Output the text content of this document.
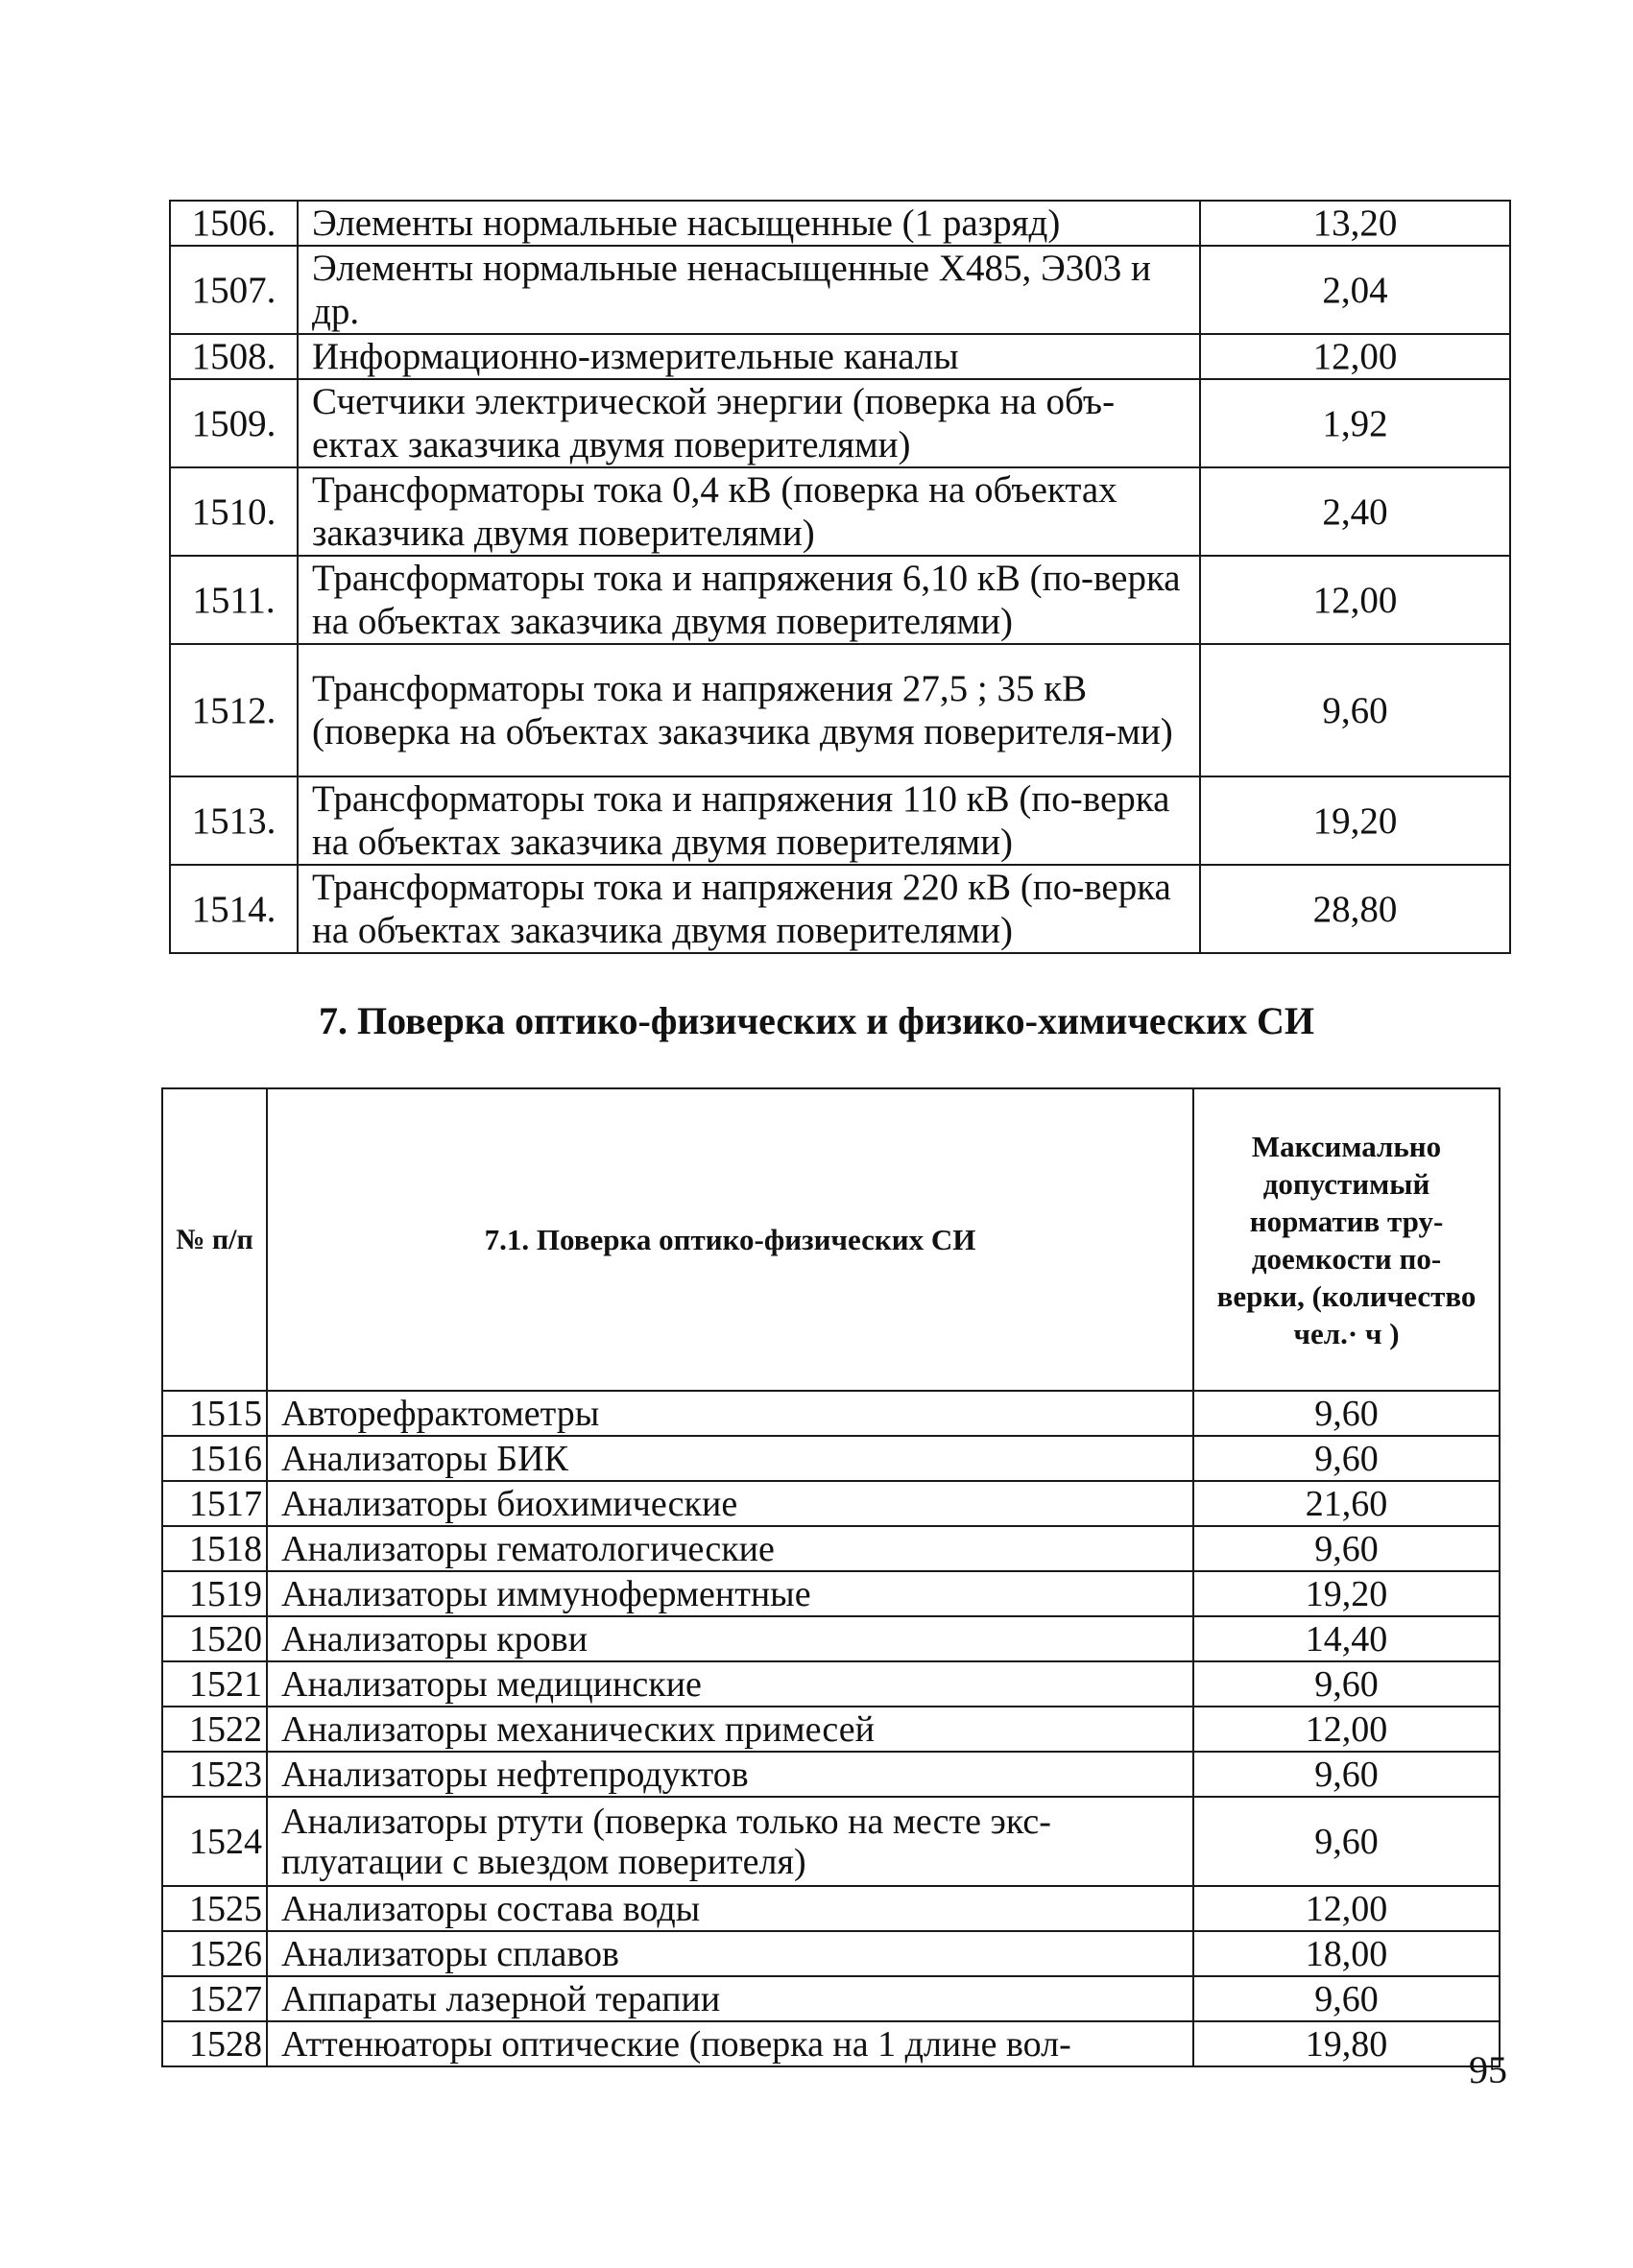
1506.	Элементы нормальные насыщенные (1 разряд)	13,20
1507.	Элементы нормальные ненасыщенные Х485, Э303 и др.	2,04
1508.	Информационно-измерительные каналы	12,00
1509.	Счетчики электрической энергии (поверка на объ-ектах заказчика двумя поверителями)	1,92
1510.	Трансформаторы тока 0,4 кВ (поверка на объектах заказчика двумя поверителями)	2,40
1511.	Трансформаторы тока и напряжения 6,10 кВ (по-верка на объектах заказчика двумя поверителями)	12,00
1512.	Трансформаторы тока и напряжения 27,5 ; 35 кВ (поверка на объектах заказчика двумя поверителя-ми)	9,60
1513.	Трансформаторы тока и напряжения 110 кВ (по-верка на объектах заказчика двумя поверителями)	19,20
1514.	Трансформаторы тока и напряжения 220 кВ (по-верка на объектах заказчика двумя поверителями)	28,80
7. Поверка оптико-физических и физико-химических СИ
№ п/п	7.1. Поверка оптико-физических СИ	Максимально допустимый норматив тру-доемкости по-верки, (количество чел.· ч )
1515	Авторефрактометры	9,60
1516	Анализаторы БИК	9,60
1517	Анализаторы биохимические	21,60
1518	Анализаторы гематологические	9,60
1519	Анализаторы иммуноферментные	19,20
1520	Анализаторы крови	14,40
1521	Анализаторы медицинские	9,60
1522	Анализаторы механических примесей	12,00
1523	Анализаторы нефтепродуктов	9,60
1524	Анализаторы ртути (поверка только на месте экс-плуатации с выездом поверителя)	9,60
1525	Анализаторы состава воды	12,00
1526	Анализаторы сплавов	18,00
1527	Аппараты лазерной терапии	9,60
1528	Аттенюаторы оптические (поверка на 1 длине вол-	19,80
95
